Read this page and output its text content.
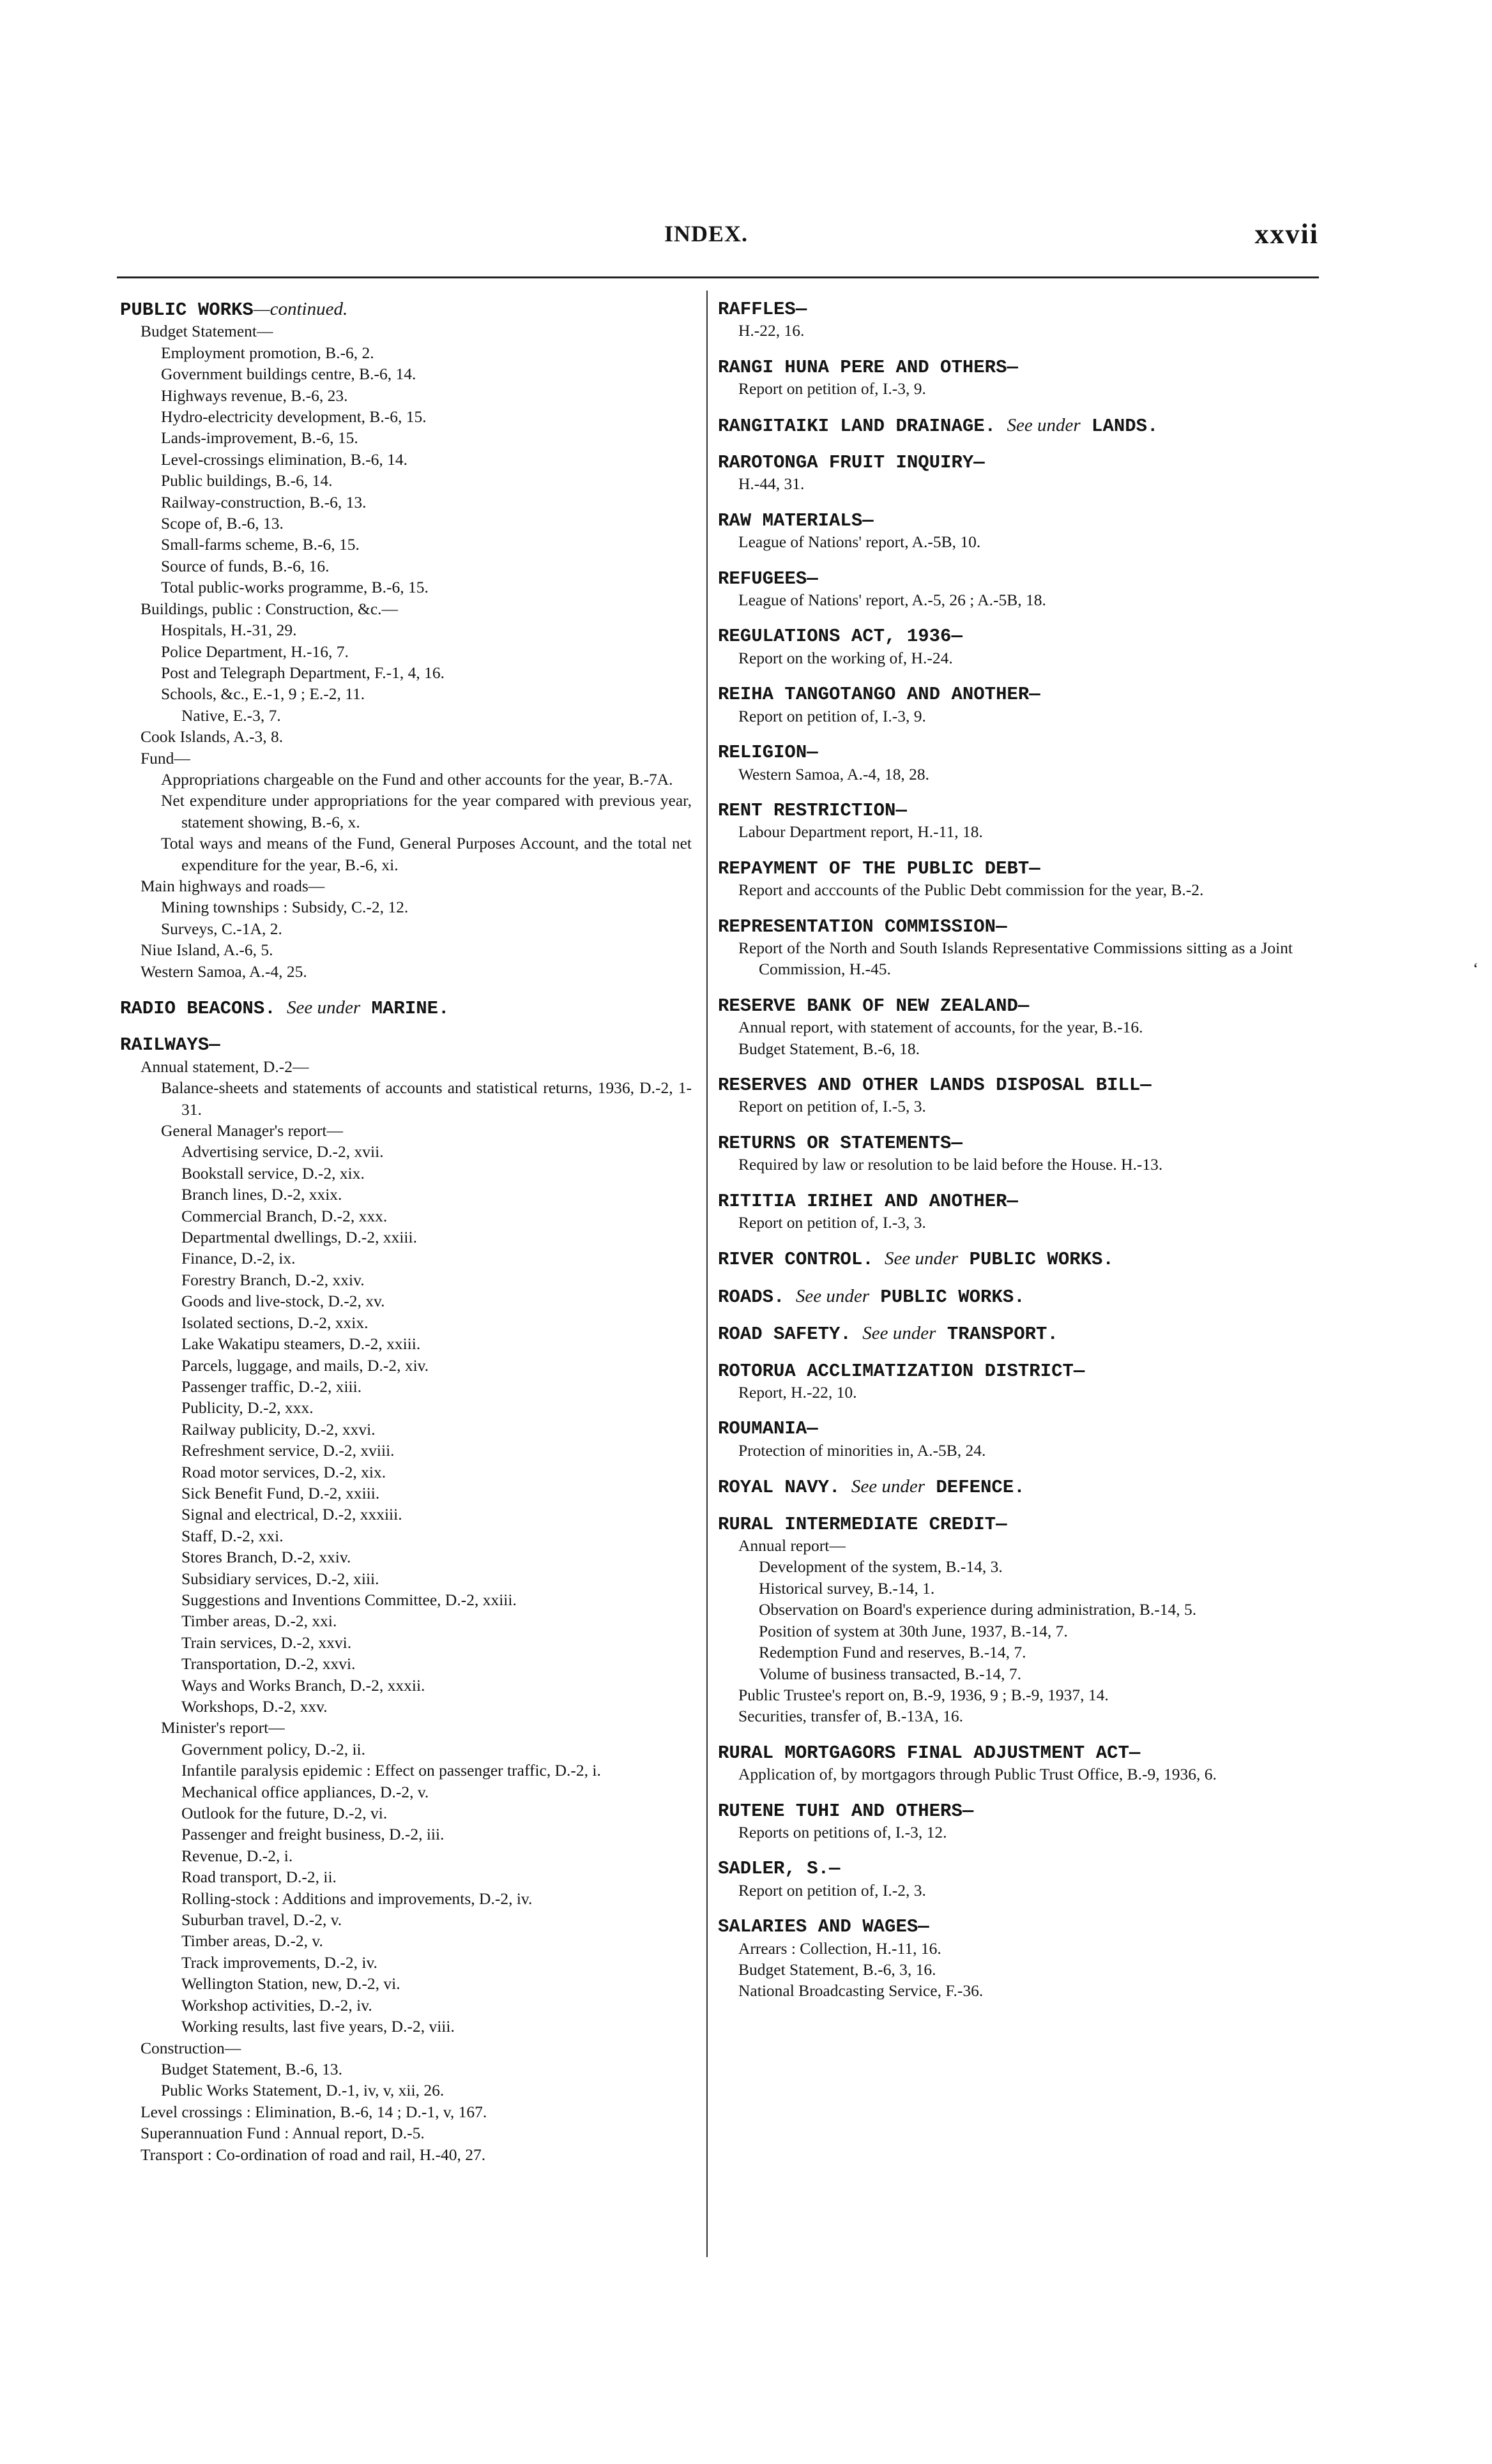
INDEX.	xxvii
PUBLIC WORKS—continued.
Budget Statement—
Employment promotion, B.-6, 2.
Government buildings centre, B.-6, 14.
Highways revenue, B.-6, 23.
Hydro-electricity development, B.-6, 15.
Lands-improvement, B.-6, 15.
Level-crossings elimination, B.-6, 14.
Public buildings, B.-6, 14.
Railway-construction, B.-6, 13.
Scope of, B.-6, 13.
Small-farms scheme, B.-6, 15.
Source of funds, B.-6, 16.
Total public-works programme, B.-6, 15.
Buildings, public : Construction, &c.—
Hospitals, H.-31, 29.
Police Department, H.-16, 7.
Post and Telegraph Department, F.-1, 4, 16.
Schools, &c., E.-1, 9 ; E.-2, 11.
Native, E.-3, 7.
Cook Islands, A.-3, 8.
Fund—
Appropriations chargeable on the Fund and other accounts for the year, B.-7A.
Net expenditure under appropriations for the year compared with previous year, statement showing, B.-6, x.
Total ways and means of the Fund, General Purposes Account, and the total net expenditure for the year, B.-6, xi.
Main highways and roads—
Mining townships : Subsidy, C.-2, 12.
Surveys, C.-1A, 2.
Niue Island, A.-6, 5.
Western Samoa, A.-4, 25.
RADIO BEACONS. See under MARINE.
RAILWAYS—
Annual statement, D.-2—
Balance-sheets and statements of accounts and statistical returns, 1936, D.-2, 1-31.
General Manager's report—
Advertising service, D.-2, xvii.
Bookstall service, D.-2, xix.
Branch lines, D.-2, xxix.
Commercial Branch, D.-2, xxx.
Departmental dwellings, D.-2, xxiii.
Finance, D.-2, ix.
Forestry Branch, D.-2, xxiv.
Goods and live-stock, D.-2, xv.
Isolated sections, D.-2, xxix.
Lake Wakatipu steamers, D.-2, xxiii.
Parcels, luggage, and mails, D.-2, xiv.
Passenger traffic, D.-2, xiii.
Publicity, D.-2, xxx.
Railway publicity, D.-2, xxvi.
Refreshment service, D.-2, xviii.
Road motor services, D.-2, xix.
Sick Benefit Fund, D.-2, xxiii.
Signal and electrical, D.-2, xxxiii.
Staff, D.-2, xxi.
Stores Branch, D.-2, xxiv.
Subsidiary services, D.-2, xiii.
Suggestions and Inventions Committee, D.-2, xxiii.
Timber areas, D.-2, xxi.
Train services, D.-2, xxvi.
Transportation, D.-2, xxvi.
Ways and Works Branch, D.-2, xxxii.
Workshops, D.-2, xxv.
Minister's report—
Government policy, D.-2, ii.
Infantile paralysis epidemic : Effect on passenger traffic, D.-2, i.
Mechanical office appliances, D.-2, v.
Outlook for the future, D.-2, vi.
Passenger and freight business, D.-2, iii.
Revenue, D.-2, i.
Road transport, D.-2, ii.
Rolling-stock : Additions and improvements, D.-2, iv.
Suburban travel, D.-2, v.
Timber areas, D.-2, v.
Track improvements, D.-2, iv.
Wellington Station, new, D.-2, vi.
Workshop activities, D.-2, iv.
Working results, last five years, D.-2, viii.
Construction—
Budget Statement, B.-6, 13.
Public Works Statement, D.-1, iv, v, xii, 26.
Level crossings : Elimination, B.-6, 14 ; D.-1, v, 167.
Superannuation Fund : Annual report, D.-5.
Transport : Co-ordination of road and rail, H.-40, 27.
RAFFLES—
H.-22, 16.
RANGI HUNA PERE AND OTHERS—
Report on petition of, I.-3, 9.
RANGITAIKI LAND DRAINAGE. See under LANDS.
RAROTONGA FRUIT INQUIRY—
H.-44, 31.
RAW MATERIALS—
League of Nations' report, A.-5B, 10.
REFUGEES—
League of Nations' report, A.-5, 26 ; A.-5B, 18.
REGULATIONS ACT, 1936—
Report on the working of, H.-24.
REIHA TANGOTANGO AND ANOTHER—
Report on petition of, I.-3, 9.
RELIGION—
Western Samoa, A.-4, 18, 28.
RENT RESTRICTION—
Labour Department report, H.-11, 18.
REPAYMENT OF THE PUBLIC DEBT—
Report and acccounts of the Public Debt commission for the year, B.-2.
REPRESENTATION COMMISSION—
Report of the North and South Islands Representative Commissions sitting as a Joint Commission, H.-45.
RESERVE BANK OF NEW ZEALAND—
Annual report, with statement of accounts, for the year, B.-16.
Budget Statement, B.-6, 18.
RESERVES AND OTHER LANDS DISPOSAL BILL—
Report on petition of, I.-5, 3.
RETURNS OR STATEMENTS—
Required by law or resolution to be laid before the House. H.-13.
RITITIA IRIHEI AND ANOTHER—
Report on petition of, I.-3, 3.
RIVER CONTROL. See under PUBLIC WORKS.
ROADS. See under PUBLIC WORKS.
ROAD SAFETY. See under TRANSPORT.
ROTORUA ACCLIMATIZATION DISTRICT—
Report, H.-22, 10.
ROUMANIA—
Protection of minorities in, A.-5B, 24.
ROYAL NAVY. See under DEFENCE.
RURAL INTERMEDIATE CREDIT—
Annual report—
Development of the system, B.-14, 3.
Historical survey, B.-14, 1.
Observation on Board's experience during administration, B.-14, 5.
Position of system at 30th June, 1937, B.-14, 7.
Redemption Fund and reserves, B.-14, 7.
Volume of business transacted, B.-14, 7.
Public Trustee's report on, B.-9, 1936, 9 ; B.-9, 1937, 14.
Securities, transfer of, B.-13A, 16.
RURAL MORTGAGORS FINAL ADJUSTMENT ACT—
Application of, by mortgagors through Public Trust Office, B.-9, 1936, 6.
RUTENE TUHI AND OTHERS—
Reports on petitions of, I.-3, 12.
SADLER, S.—
Report on petition of, I.-2, 3.
SALARIES AND WAGES—
Arrears : Collection, H.-11, 16.
Budget Statement, B.-6, 3, 16.
National Broadcasting Service, F.-36.
ʻ
